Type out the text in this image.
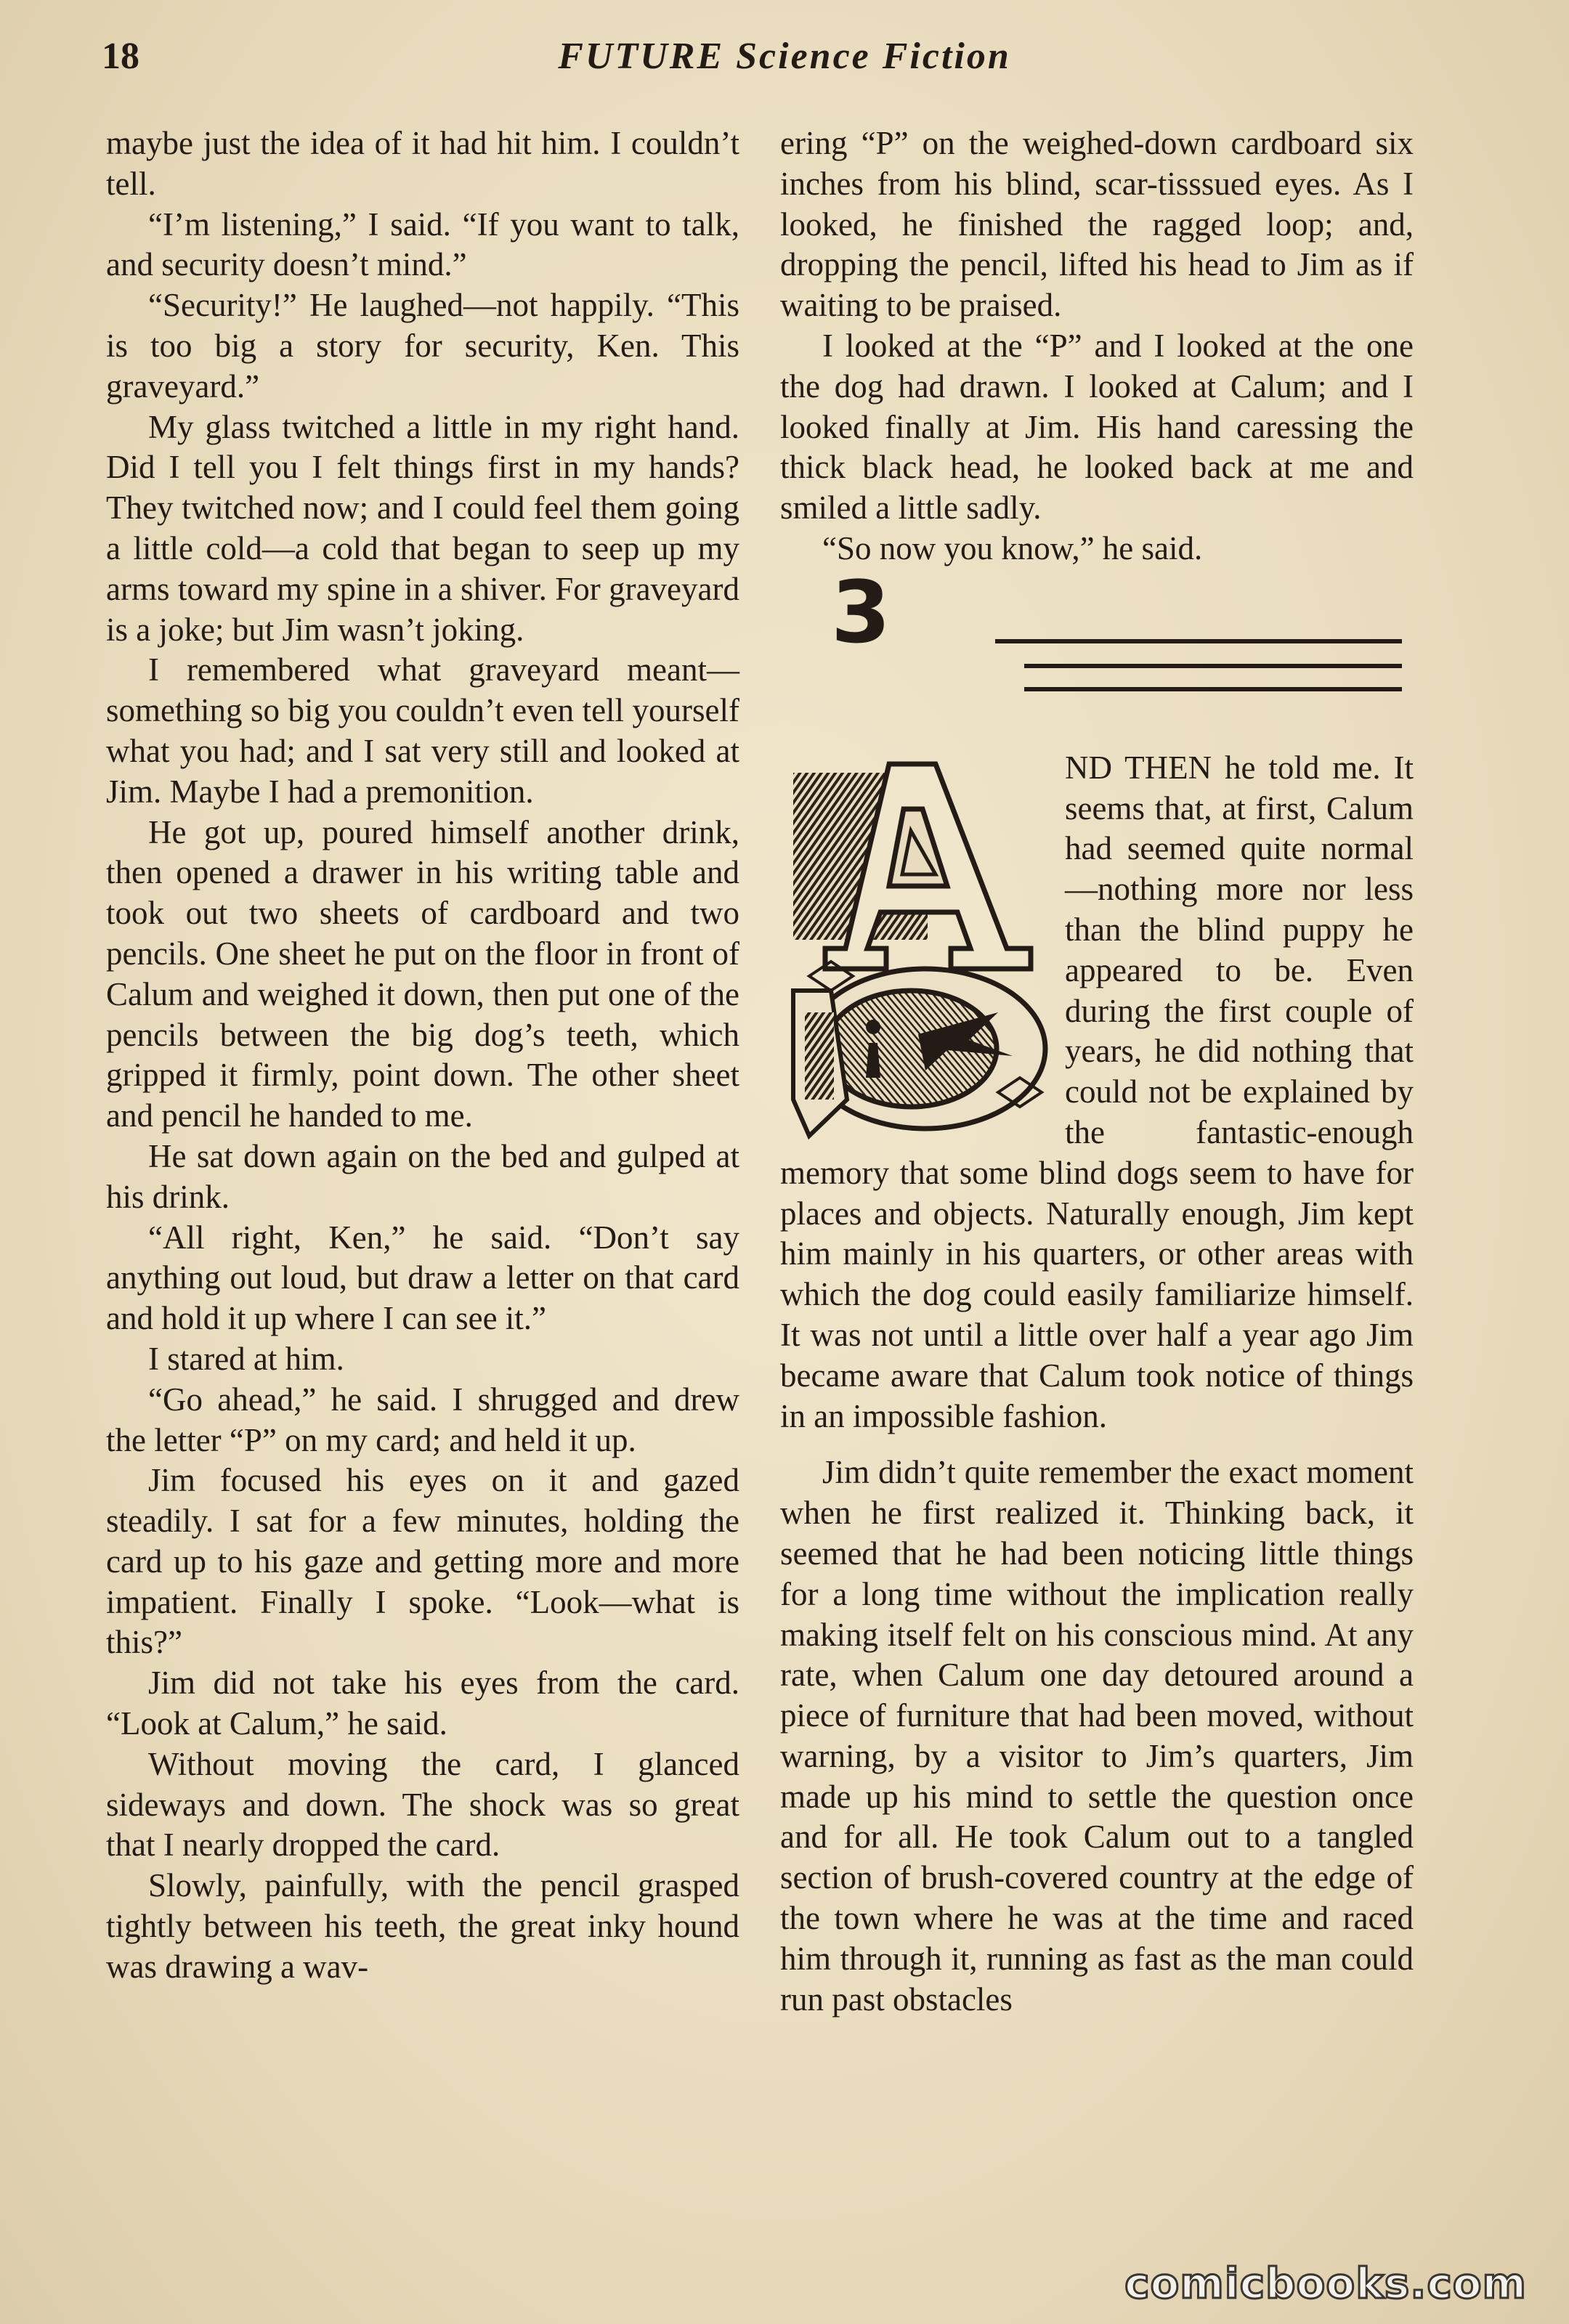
18	FUTURE Science Fiction

maybe just the idea of it had hit him. I couldn’t tell.

“I’m listening,” I said. “If you want to talk, and security doesn’t mind.”

“Security!” He laughed—not happily. “This is too big a story for security, Ken. This graveyard.”

My glass twitched a little in my right hand. Did I tell you I felt things first in my hands? They twitched now; and I could feel them going a little cold—a cold that began to seep up my arms toward my spine in a shiver. For graveyard is a joke; but Jim wasn’t joking.

I remembered what graveyard meant—something so big you couldn’t even tell yourself what you had; and I sat very still and looked at Jim. Maybe I had a premonition.

He got up, poured himself another drink, then opened a drawer in his writing table and took out two sheets of cardboard and two pencils. One sheet he put on the floor in front of Calum and weighed it down, then put one of the pencils between the big dog’s teeth, which gripped it firmly, point down. The other sheet and pencil he handed to me.

He sat down again on the bed and gulped at his drink.

“All right, Ken,” he said. “Don’t say anything out loud, but draw a letter on that card and hold it up where I can see it.”

I stared at him.

“Go ahead,” he said. I shrugged and drew the letter “P” on my card; and held it up.

Jim focused his eyes on it and gazed steadily. I sat for a few minutes, holding the card up to his gaze and getting more and more impatient. Finally I spoke. “Look—what is this?”

Jim did not take his eyes from the card. “Look at Calum,” he said.

Without moving the card, I glanced sideways and down. The shock was so great that I nearly dropped the card.

Slowly, painfully, with the pencil grasped tightly between his teeth, the great inky hound was drawing a wav-

ering “P” on the weighed-down cardboard six inches from his blind, scar-tisssued eyes. As I looked, he finished the ragged loop; and, dropping the pencil, lifted his head to Jim as if waiting to be praised.

I looked at the “P” and I looked at the one the dog had drawn. I looked at Calum; and I looked finally at Jim. His hand caressing the thick black head, he looked back at me and smiled a little sadly.

“So now you know,” he said.

3

ND THEN he told me. It seems that, at first, Calum had seemed quite normal —nothing more nor less than the blind puppy he appeared to be. Even during the first couple of years, he did nothing that could not be explained by the fantastic-enough memory that some blind dogs seem to have for places and objects. Naturally enough, Jim kept him mainly in his quarters, or other areas with which the dog could easily familiarize himself. It was not until a little over half a year ago Jim became aware that Calum took notice of things in an impossible fashion.

Jim didn’t quite remember the exact moment when he first realized it. Thinking back, it seemed that he had been noticing little things for a long time without the implication really making itself felt on his conscious mind. At any rate, when Calum one day detoured around a piece of furniture that had been moved, without warning, by a visitor to Jim’s quarters, Jim made up his mind to settle the question once and for all. He took Calum out to a tangled section of brush-covered country at the edge of the town where he was at the time and raced him through it, running as fast as the man could run past obstacles

comicbooks.com
